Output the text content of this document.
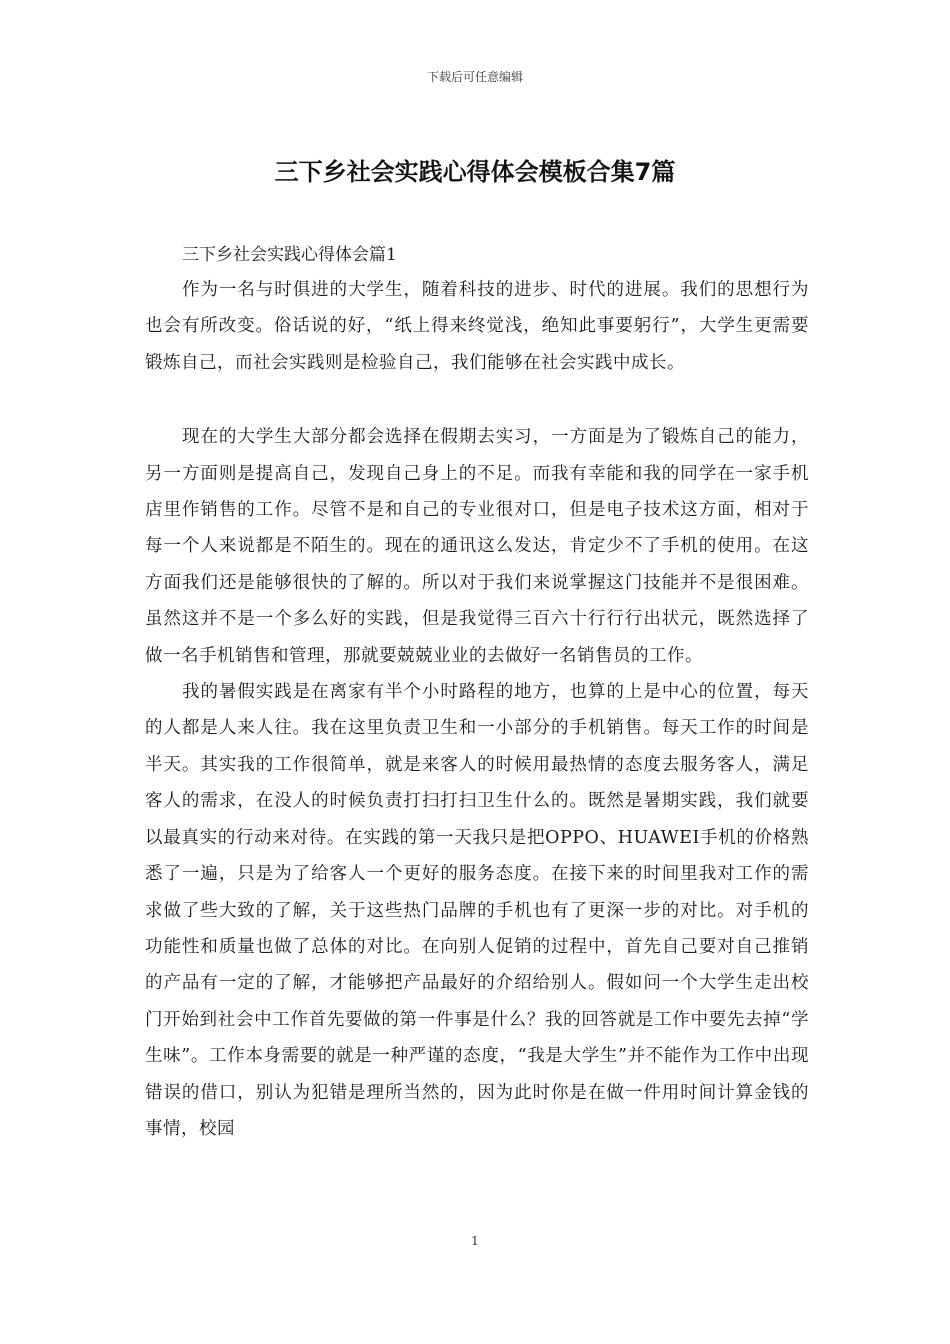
下载后可任意编辑
三下乡社会实践心得体会模板合集7篇
三下乡社会实践心得体会篇1

作为一名与时俱进的大学生，随着科技的进步、时代的进展。我们的思想行为也会有所改变。俗话说的好，“纸上得来终觉浅，绝知此事要躬行”，大学生更需要锻炼自己，而社会实践则是检验自己，我们能够在社会实践中成长。

现在的大学生大部分都会选择在假期去实习，一方面是为了锻炼自己的能力，另一方面则是提高自己，发现自己身上的不足。而我有幸能和我的同学在一家手机店里作销售的工作。尽管不是和自己的专业很对口，但是电子技术这方面，相对于每一个人来说都是不陌生的。现在的通讯这么发达，肯定少不了手机的使用。在这方面我们还是能够很快的了解的。所以对于我们来说掌握这门技能并不是很困难。虽然这并不是一个多么好的实践，但是我觉得三百六十行行行出状元，既然选择了做一名手机销售和管理，那就要兢兢业业的去做好一名销售员的工作。

我的暑假实践是在离家有半个小时路程的地方，也算的上是中心的位置，每天的人都是人来人往。我在这里负责卫生和一小部分的手机销售。每天工作的时间是半天。其实我的工作很简单，就是来客人的时候用最热情的态度去服务客人，满足客人的需求，在没人的时候负责打扫打扫卫生什么的。既然是暑期实践，我们就要以最真实的行动来对待。在实践的第一天我只是把OPPO、HUAWEI手机的价格熟悉了一遍，只是为了给客人一个更好的服务态度。在接下来的时间里我对工作的需求做了些大致的了解，关于这些热门品牌的手机也有了更深一步的对比。对手机的功能性和质量也做了总体的对比。在向别人促销的过程中，首先自己要对自己推销的产品有一定的了解，才能够把产品最好的介绍给别人。假如问一个大学生走出校门开始到社会中工作首先要做的第一件事是什么？我的回答就是工作中要先去掉“学生味”。工作本身需要的就是一种严谨的态度，“我是大学生”并不能作为工作中出现错误的借口，别认为犯错是理所当然的，因为此时你是在做一件用时间计算金钱的事情，校园

1
